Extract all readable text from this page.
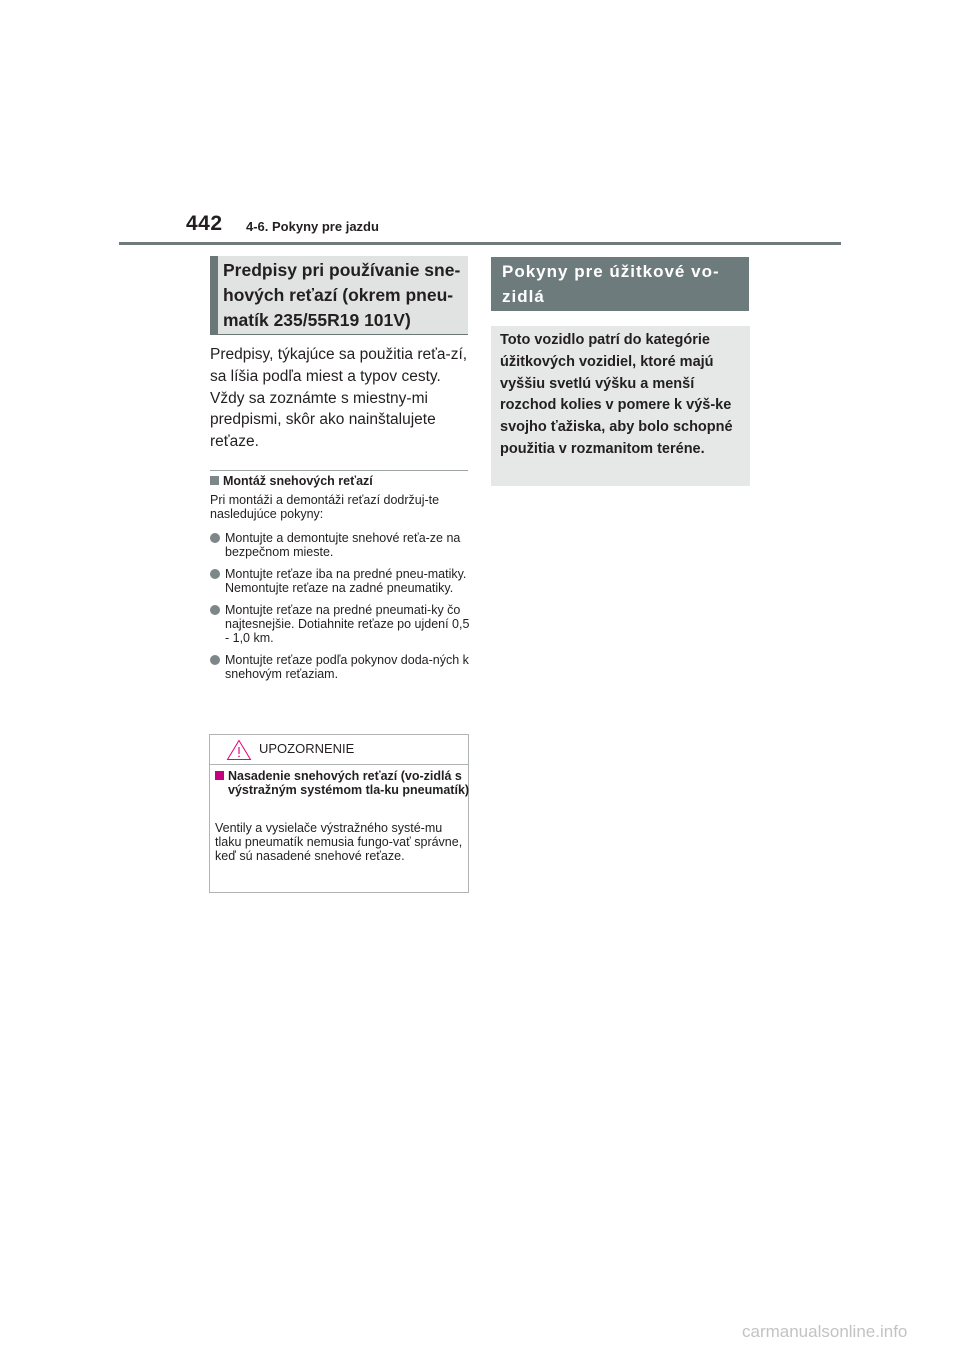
442 4-6. Pokyny pre jazdu
Predpisy pri používanie sne-hových reťazí (okrem pneu-matík 235/55R19 101V)
Predpisy, týkajúce sa použitia reťa-zí, sa líšia podľa miest a typov cesty. Vždy sa zoznámte s miestny-mi predpismi, skôr ako nainštalujete reťaze.
Montáž snehových reťazí
Pri montáži a demontáži reťazí dodržuj-te nasledujúce pokyny:
Montujte a demontujte snehové reťa-ze na bezpečnom mieste.
Montujte reťaze iba na predné pneu-matiky. Nemontujte reťaze na zadné pneumatiky.
Montujte reťaze na predné pneumati-ky čo najtesnejšie. Dotiahnite reťaze po ujdení 0,5 - 1,0 km.
Montujte reťaze podľa pokynov doda-ných k snehovým reťaziam.
UPOZORNENIE
Nasadenie snehových reťazí (vo-zidlá s výstražným systémom tla-ku pneumatík)
Ventily a vysielače výstražného systé-mu tlaku pneumatík nemusia fungo-vať správne, keď sú nasadené snehové reťaze.
Pokyny pre úžitkové vo-zidlá
Toto vozidlo patrí do kategórie úžitkových vozidiel, ktoré majú vyššiu svetlú výšku a menší rozchod kolies v pomere k výš-ke svojho ťažiska, aby bolo schopné použitia v rozmanitom teréne.
carmanualsonline.info
